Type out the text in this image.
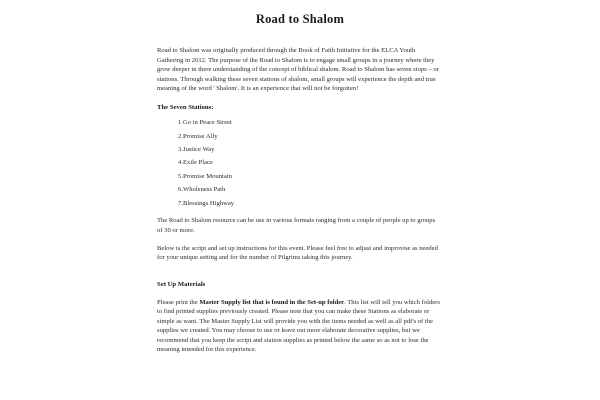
Road to Shalom

Road to Shalom was originally produced through the Book of Faith Initiative for the ELCA Youth Gathering in 2012. The purpose of the Road to Shalom is to engage small groups in a journey where they grow deeper in there understanding of the concept of biblical shalom. Road to Shalom has seven stops – or stations. Through walking these seven stations of shalom, small groups will experience the depth and true meaning of the word ' Shalom'. It is an experience that will not be forgotten!

The Seven Stations:

1. Go in Peace Street
2. Promise Ally
3. Justice Way
4. Exile Place
5. Promise Mountain
6. Wholeness Path
7. Blessings Highway

The Road to Shalom resource can be use in various formats ranging from a couple of people up to groups of 30 or more.

Below is the script and set up instructions for this event. Please feel free to adjust and improvise as needed for your unique setting and for the number of Pilgrims taking this journey.

Set Up Materials

Please print the Master Supply list that is found in the Set-up folder. This list will tell you which folders to find printed supplies previously created. Please note that you can make these Stations as elaborate or simple as want. The Master Supply List will provide you with the items needed as well as all pdf's of the supplies we created. You may choose to use or leave out more elaborate decorative supplies, but we recommend that you keep the script and station supplies as printed below the same so as not to lose the meaning intended for this experience.
